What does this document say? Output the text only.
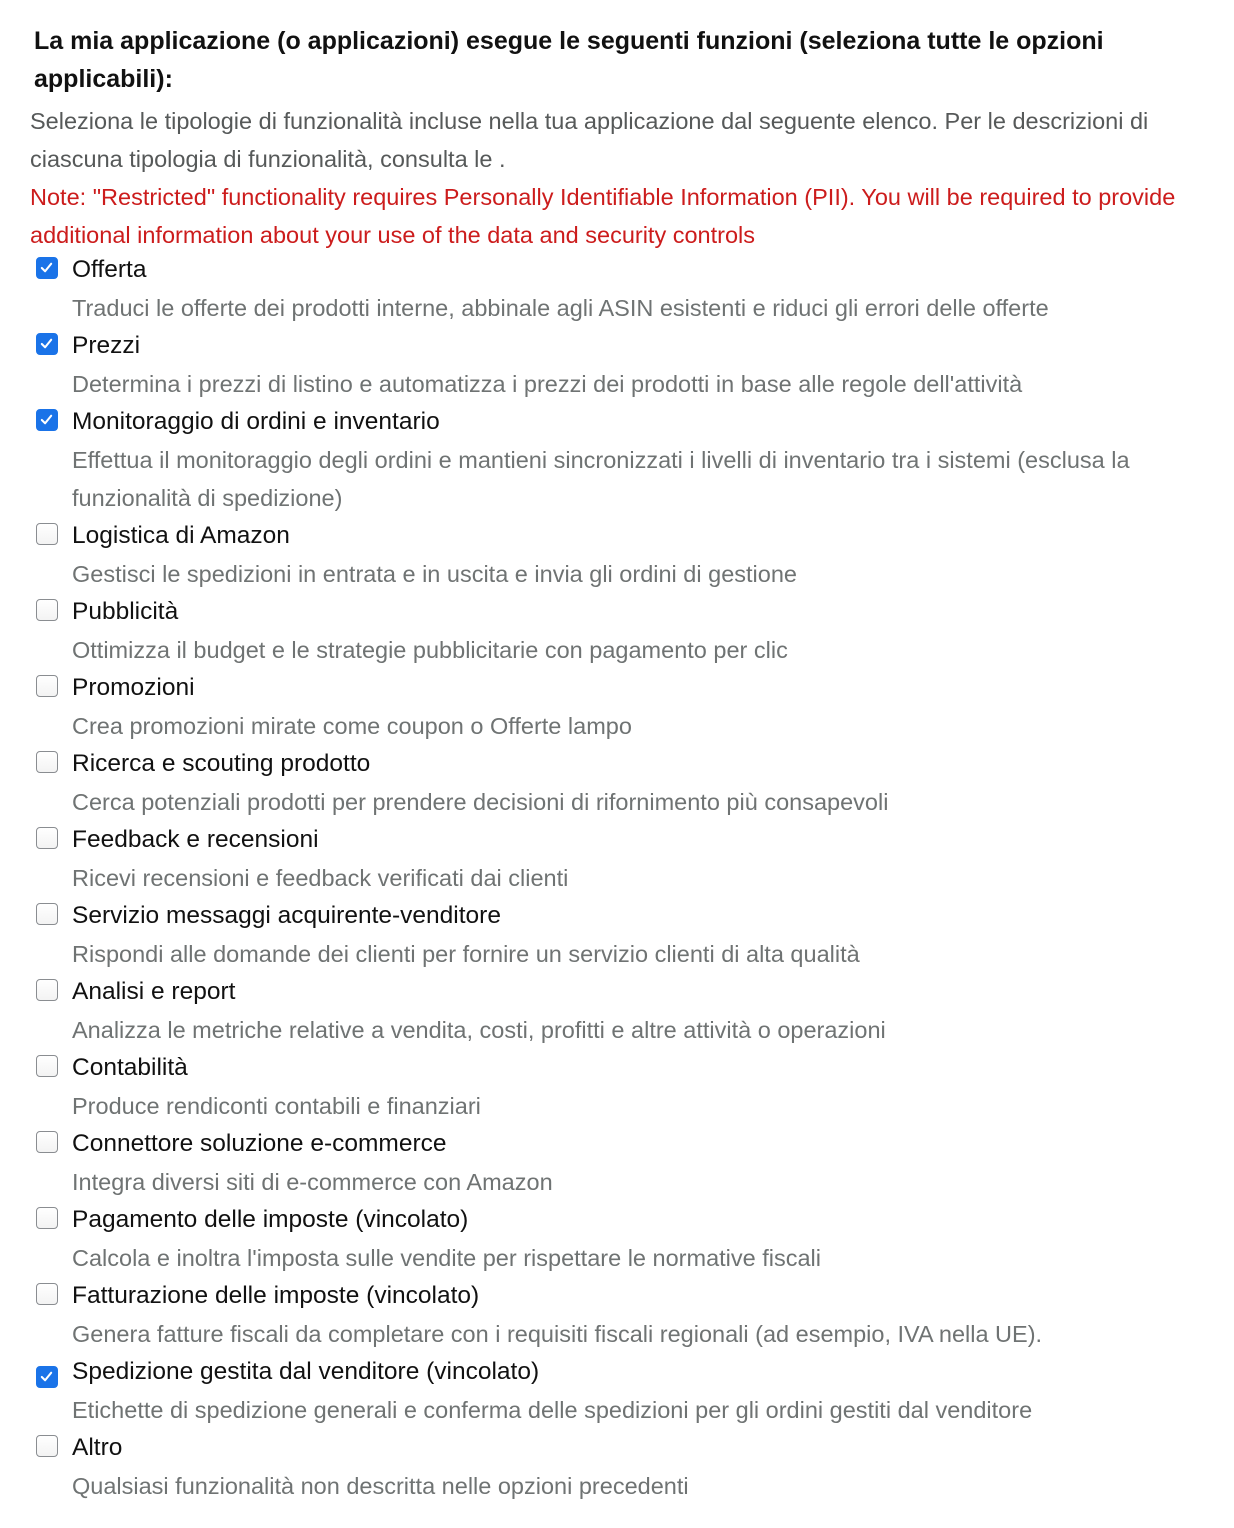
La mia applicazione (o applicazioni) esegue le seguenti funzioni (seleziona tutte le opzioni applicabili):
Seleziona le tipologie di funzionalità incluse nella tua applicazione dal seguente elenco. Per le descrizioni di ciascuna tipologia di funzionalità, consulta le .
Note: "Restricted" functionality requires Personally Identifiable Information (PII). You will be required to provide additional information about your use of the data and security controls
Offerta
Traduci le offerte dei prodotti interne, abbinale agli ASIN esistenti e riduci gli errori delle offerte
Prezzi
Determina i prezzi di listino e automatizza i prezzi dei prodotti in base alle regole dell'attività
Monitoraggio di ordini e inventario
Effettua il monitoraggio degli ordini e mantieni sincronizzati i livelli di inventario tra i sistemi (esclusa la funzionalità di spedizione)
Logistica di Amazon
Gestisci le spedizioni in entrata e in uscita e invia gli ordini di gestione
Pubblicità
Ottimizza il budget e le strategie pubblicitarie con pagamento per clic
Promozioni
Crea promozioni mirate come coupon o Offerte lampo
Ricerca e scouting prodotto
Cerca potenziali prodotti per prendere decisioni di rifornimento più consapevoli
Feedback e recensioni
Ricevi recensioni e feedback verificati dai clienti
Servizio messaggi acquirente-venditore
Rispondi alle domande dei clienti per fornire un servizio clienti di alta qualità
Analisi e report
Analizza le metriche relative a vendita, costi, profitti e altre attività o operazioni
Contabilità
Produce rendiconti contabili e finanziari
Connettore soluzione e-commerce
Integra diversi siti di e-commerce con Amazon
Pagamento delle imposte (vincolato)
Calcola e inoltra l'imposta sulle vendite per rispettare le normative fiscali
Fatturazione delle imposte (vincolato)
Genera fatture fiscali da completare con i requisiti fiscali regionali (ad esempio, IVA nella UE).
Spedizione gestita dal venditore (vincolato)
Etichette di spedizione generali e conferma delle spedizioni per gli ordini gestiti dal venditore
Altro
Qualsiasi funzionalità non descritta nelle opzioni precedenti
